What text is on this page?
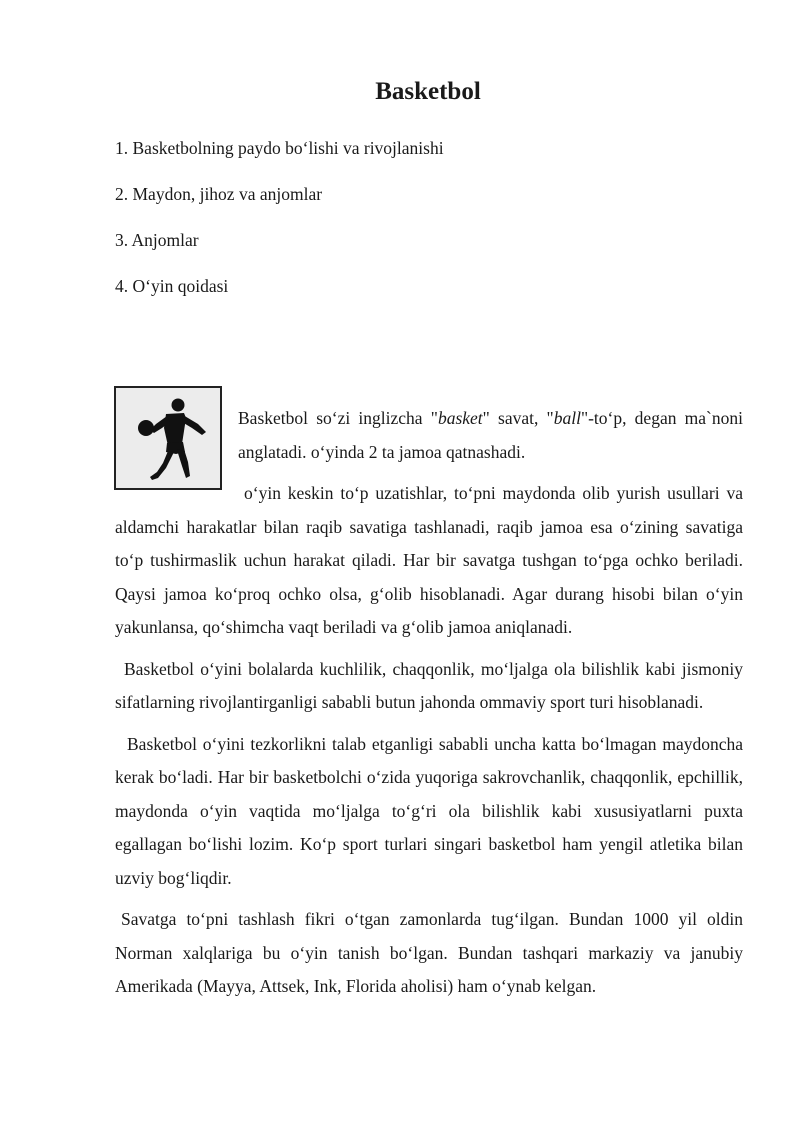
Basketbol
1. Basketbolning paydo bo‘lishi va rivojlanishi
2. Maydon, jihoz va anjomlar
3. Anjomlar
4. O‘yin qoidasi

Basketbol so‘zi inglizcha "basket" savat, "ball"-to‘p, degan ma`noni anglatadi. o‘yinda 2 ta jamoa qatnashadi.

o‘yin keskin to‘p uzatishlar, to‘pni maydonda olib yurish usullari va aldamchi harakatlar bilan raqib savatiga tashlanadi, raqib jamoa esa o‘zining savatiga to‘p tushirmaslik uchun harakat qiladi. Har bir savatga tushgan to‘pga ochko beriladi. Qaysi jamoa ko‘proq ochko olsa, g‘olib hisoblanadi. Agar durang hisobi bilan o‘yin yakunlansa, qo‘shimcha vaqt beriladi va g‘olib jamoa aniqlanadi.

Basketbol o‘yini bolalarda kuchlilik, chaqqonlik, mo‘ljalga ola bilishlik kabi jismoniy sifatlarning rivojlantirganligi sababli butun jahonda ommaviy sport turi hisoblanadi.

Basketbol o‘yini tezkorlikni talab etganligi sababli uncha katta bo‘lmagan maydoncha kerak bo‘ladi. Har bir basketbolchi o‘zida yuqoriga sakrovchanlik, chaqqonlik, epchillik, maydonda o‘yin vaqtida mo‘ljalga to‘g‘ri ola bilishlik kabi xususiyatlarni puxta egallagan bo‘lishi lozim. Ko‘p sport turlari singari basketbol ham yengil atletika bilan uzviy bog‘liqdir.

Savatga to‘pni tashlash fikri o‘tgan zamonlarda tug‘ilgan. Bundan 1000 yil oldin Norman xalqlariga bu o‘yin tanish bo‘lgan. Bundan tashqari markaziy va janubiy Amerikada (Mayya, Attsek, Ink, Florida aholisi) ham o‘ynab kelgan.
